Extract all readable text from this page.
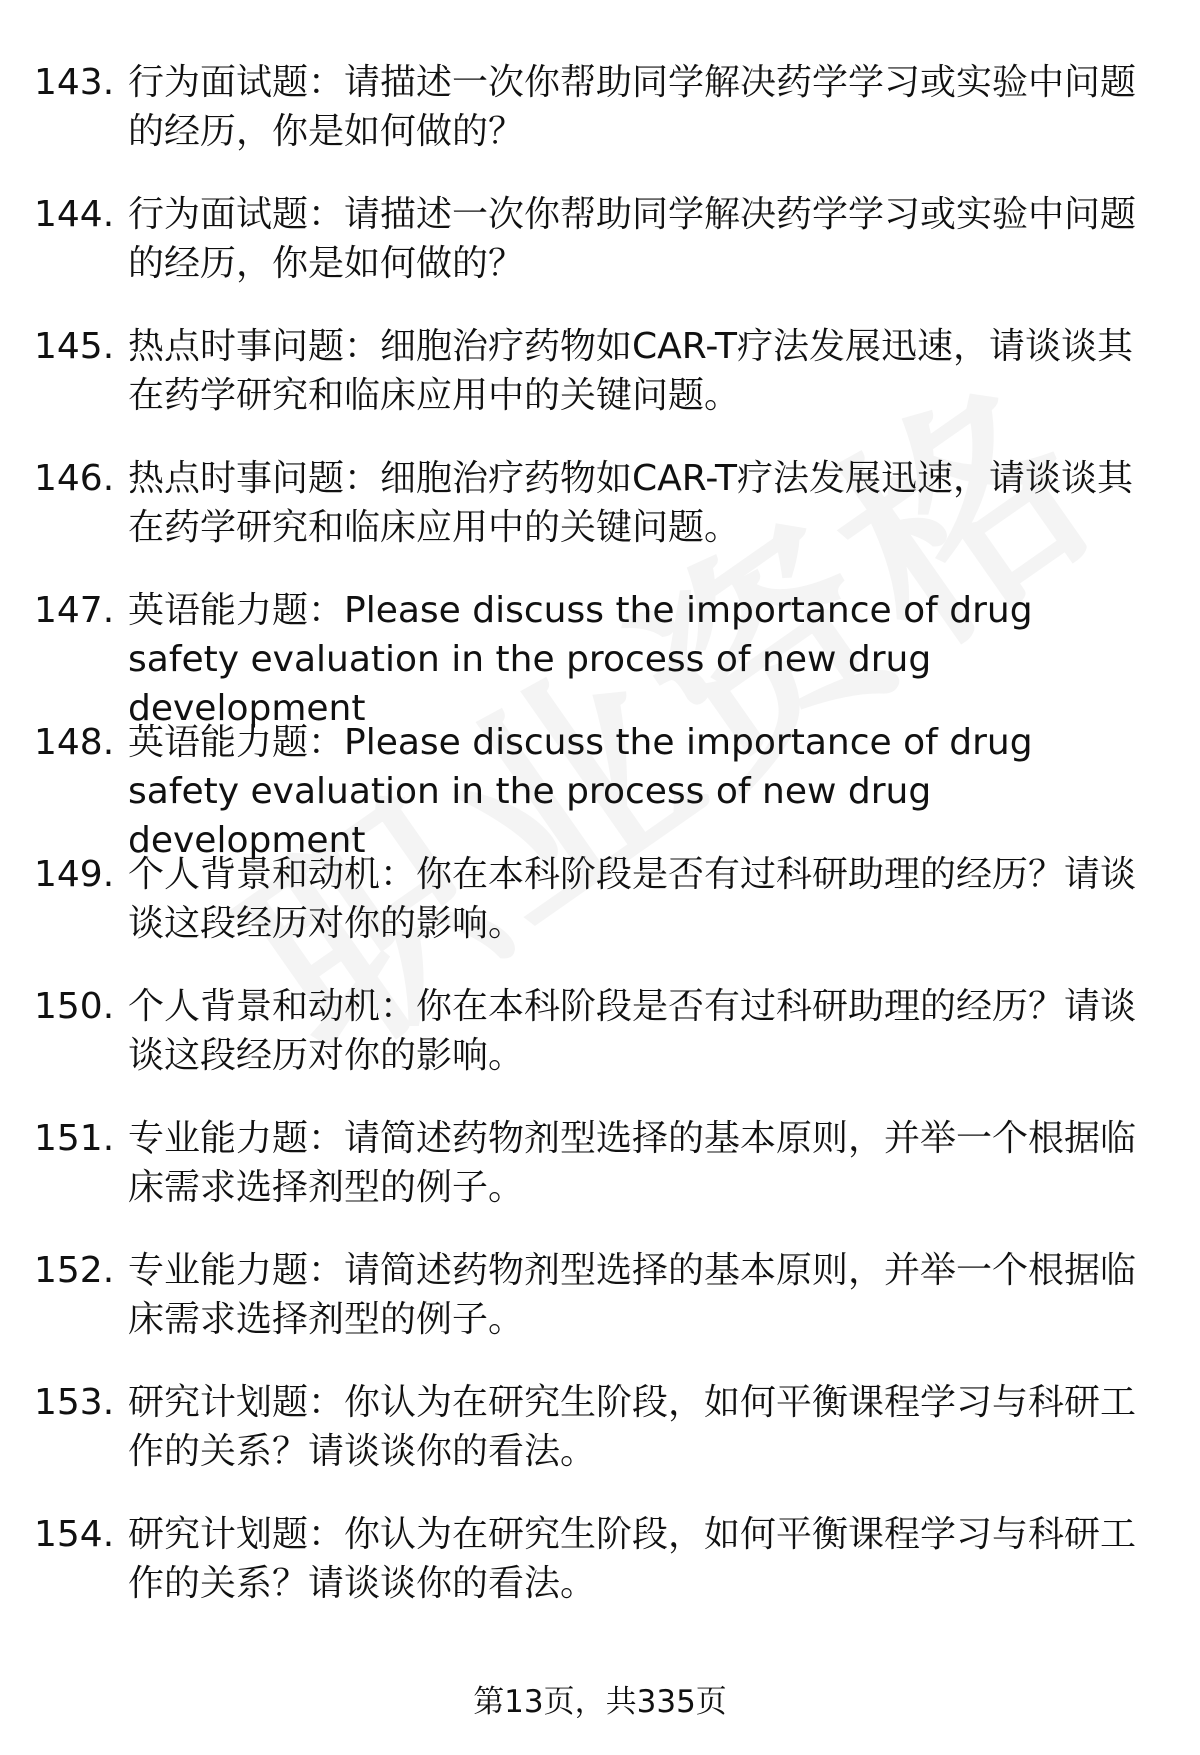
143. 行为面试题：请描述一次你帮助同学解决药学学习或实验中问题的经历，你是如何做的？
144. 行为面试题：请描述一次你帮助同学解决药学学习或实验中问题的经历，你是如何做的？
145. 热点时事问题：细胞治疗药物如CAR-T疗法发展迅速，请谈谈其在药学研究和临床应用中的关键问题。
146. 热点时事问题：细胞治疗药物如CAR-T疗法发展迅速，请谈谈其在药学研究和临床应用中的关键问题。
147. 英语能力题：Please discuss the importance of drug safety evaluation in the process of new drug development
148. 英语能力题：Please discuss the importance of drug safety evaluation in the process of new drug development
149. 个人背景和动机：你在本科阶段是否有过科研助理的经历？请谈谈这段经历对你的影响。
150. 个人背景和动机：你在本科阶段是否有过科研助理的经历？请谈谈这段经历对你的影响。
151. 专业能力题：请简述药物剂型选择的基本原则，并举一个根据临床需求选择剂型的例子。
152. 专业能力题：请简述药物剂型选择的基本原则，并举一个根据临床需求选择剂型的例子。
153. 研究计划题：你认为在研究生阶段，如何平衡课程学习与科研工作的关系？请谈谈你的看法。
154. 研究计划题：你认为在研究生阶段，如何平衡课程学习与科研工作的关系？请谈谈你的看法。
第13页，共335页
